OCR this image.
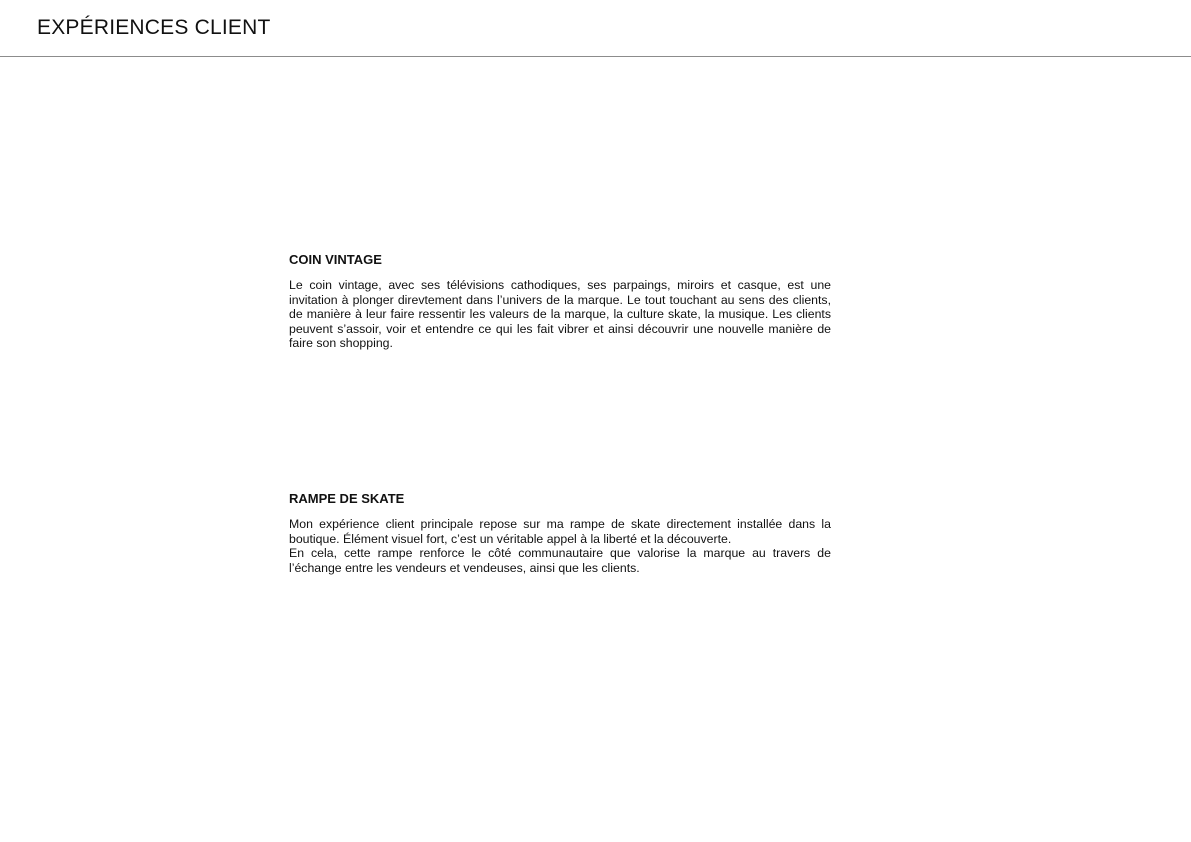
EXPÉRIENCES CLIENT
COIN VINTAGE

Le coin vintage, avec ses télévisions cathodiques, ses parpaings, miroirs et casque, est une invitation à plonger direvtement dans l’univers de la marque. Le tout touchant au sens des clients, de manière à leur faire ressentir les valeurs de la marque, la culture skate, la musique. Les clients peuvent s’assoir, voir et entendre ce qui les fait vibrer et ainsi découvrir une nouvelle manière de faire son shopping.

RAMPE DE SKATE

Mon expérience client principale repose sur ma rampe de skate directement installée dans la boutique. Élément visuel fort, c’est un véritable appel à la liberté et la découverte.

En cela, cette rampe renforce le côté communautaire que valorise la marque au travers de l’échange entre les vendeurs et vendeuses, ainsi que les clients.
